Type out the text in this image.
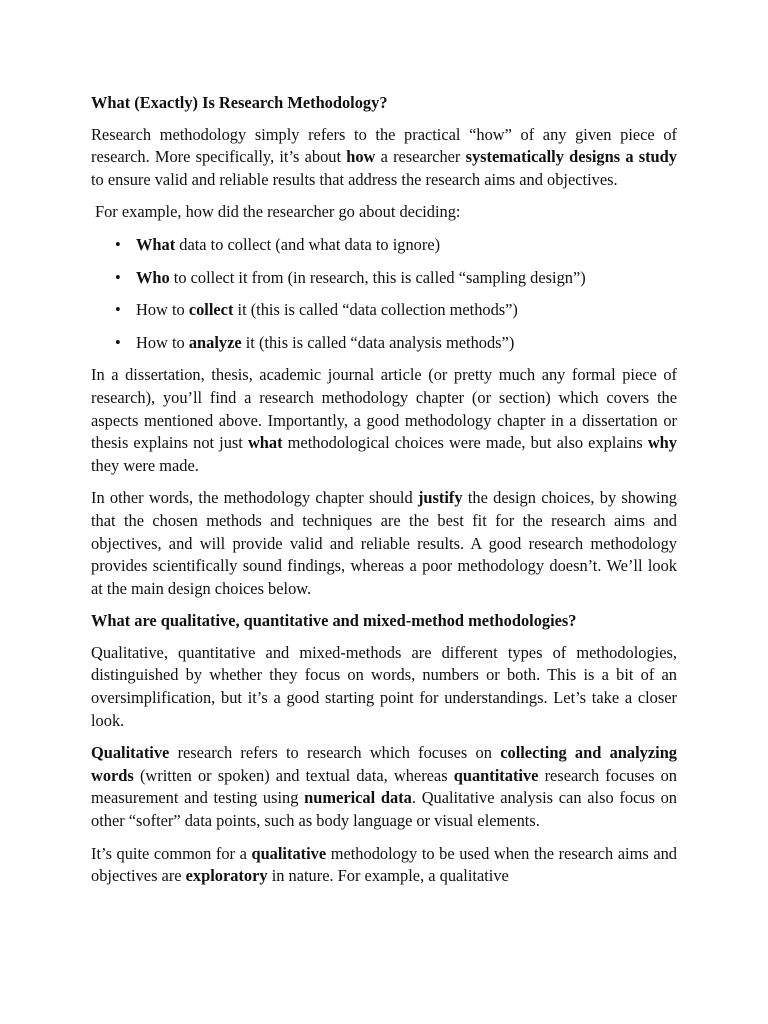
What (Exactly) Is Research Methodology?

Research methodology simply refers to the practical “how” of any given piece of research. More specifically, it’s about how a researcher systematically designs a study to ensure valid and reliable results that address the research aims and objectives.

For example, how did the researcher go about deciding:

• What data to collect (and what data to ignore)
• Who to collect it from (in research, this is called “sampling design”)
• How to collect it (this is called “data collection methods”)
• How to analyze it (this is called “data analysis methods”)

In a dissertation, thesis, academic journal article (or pretty much any formal piece of research), you’ll find a research methodology chapter (or section) which covers the aspects mentioned above. Importantly, a good methodology chapter in a dissertation or thesis explains not just what methodological choices were made, but also explains why they were made.

In other words, the methodology chapter should justify the design choices, by showing that the chosen methods and techniques are the best fit for the research aims and objectives, and will provide valid and reliable results. A good research methodology provides scientifically sound findings, whereas a poor methodology doesn’t. We’ll look at the main design choices below.

What are qualitative, quantitative and mixed-method methodologies?

Qualitative, quantitative and mixed-methods are different types of methodologies, distinguished by whether they focus on words, numbers or both. This is a bit of an oversimplification, but it’s a good starting point for understandings. Let’s take a closer look.

Qualitative research refers to research which focuses on collecting and analyzing words (written or spoken) and textual data, whereas quantitative research focuses on measurement and testing using numerical data. Qualitative analysis can also focus on other “softer” data points, such as body language or visual elements.

It’s quite common for a qualitative methodology to be used when the research aims and objectives are exploratory in nature. For example, a qualitative
